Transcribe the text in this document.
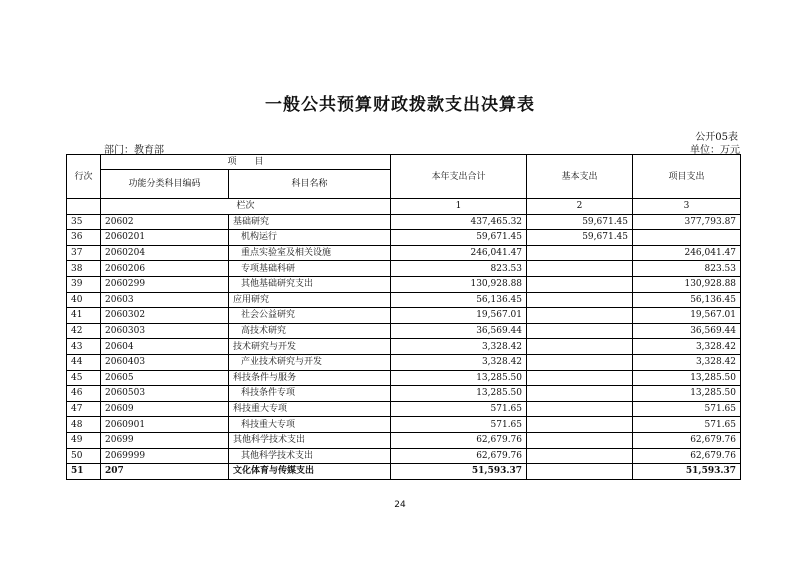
一般公共预算财政拨款支出决算表
公开05表
部门：教育部	单位：万元
行次	项　　目		本年支出合计	基本支出	项目支出
	功能分类科目编码	科目名称			
	栏次		1	2	3
35	20602	基础研究	437,465.32	59,671.45	377,793.87
36	2060201	机构运行	59,671.45	59,671.45	
37	2060204	重点实验室及相关设施	246,041.47		246,041.47
38	2060206	专项基础科研	823.53		823.53
39	2060299	其他基础研究支出	130,928.88		130,928.88
40	20603	应用研究	56,136.45		56,136.45
41	2060302	社会公益研究	19,567.01		19,567.01
42	2060303	高技术研究	36,569.44		36,569.44
43	20604	技术研究与开发	3,328.42		3,328.42
44	2060403	产业技术研究与开发	3,328.42		3,328.42
45	20605	科技条件与服务	13,285.50		13,285.50
46	2060503	科技条件专项	13,285.50		13,285.50
47	20609	科技重大专项	571.65		571.65
48	2060901	科技重大专项	571.65		571.65
49	20699	其他科学技术支出	62,679.76		62,679.76
50	2069999	其他科学技术支出	62,679.76		62,679.76
51	207	文化体育与传媒支出	51,593.37		51,593.37
24
